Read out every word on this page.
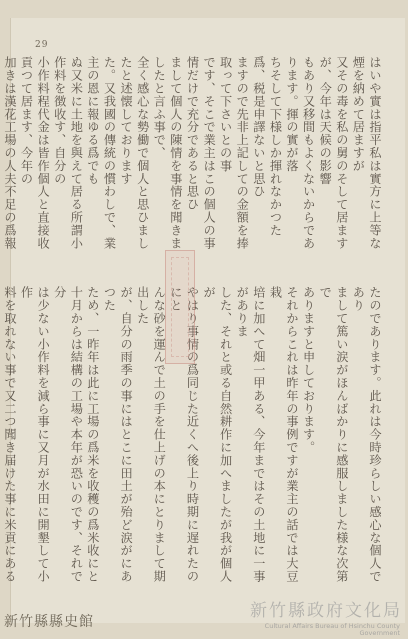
29
はいや實は指平私は實方に上等な煙を納めて居ますが
又その毒を私の舅のそして居ますが、今年は天候の影響
もあり又移間もよくないからであります。揮の實が落
ちそして下様しか揮れなかつた爲、税是申譯ないと思ひ
ますので先非上記しての金額を捧取って下さいとの事
です、そこで業主はこの個人の事情だけで充分であると思ひ
まして個人の陳情を事情を聞きましたと言ふ事で、
全く感心な勢働で個人と思ひましたと述懐しております
た。又我國の傳統の慣わしで、業主の恩に報ゆる爲でも
ぬ又米に土地を與えて居る所謂小作料を徴收す、自分の
小作料程代金は皆作個人と直接收貢つて居ます、今年の
加きは漢花工場の人夫不足の爲報
たのであります。此れは今時珍らしい感心な個人であり
まして篤い涙がほんばかりに感服しました様な次第で
ありますと申しております。
それからこれは昨年の事例ですが業主の話では大豆栽
培に加へて畑一甲ある、今年まではその土地に一事がありま
した、それと或る自然耕作に加へましたが我が個人が
やはり事情の爲同じた近くへ後上り時期に遅れたのにと
んな砂を運んで土の手を仕上げの本にとりまして期出した
が、自分の雨季の事にはとこに田土が殆ど涙がにあつた
ため、一昨年は此に工場の爲米を收穫の爲米收にと
十月からは結構の工場や本年が恐いのです、それで分
は少ない小作料を減ら事に又月が水田に開墾して小作
料を取れない事で又二つ聞き届けた事に米貢にある
新竹縣政府文化局
Cultural Affairs Bureau of Hsinchu County Government
新竹縣縣史館
